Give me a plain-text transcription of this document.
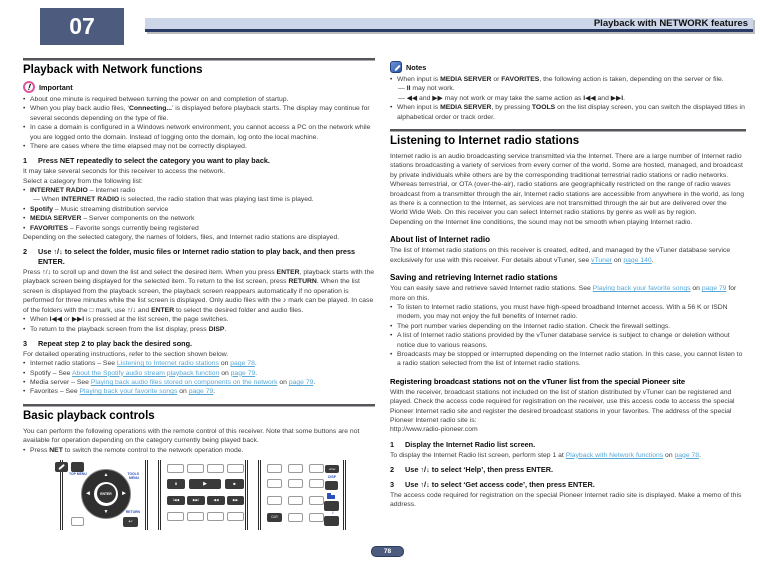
07	Playback with NETWORK features
Playback with Network functions
!
Important
• About one minute is required between turning the power on and completion of startup.
• When you play back audio files, ‘Connecting...’ is displayed before playback starts. The display may continue for several seconds depending on the type of file.
• In case a domain is configured in a Windows network environment, you cannot access a PC on the network while you are logged onto the domain. Instead of logging onto the domain, log onto the local machine.
• There are cases where the time elapsed may not be correctly displayed.
1	Press NET repeatedly to select the category you want to play back.

It may take several seconds for this receiver to access the network.

Select a category from the following list:

• INTERNET RADIO – Internet radio
— When INTERNET RADIO is selected, the radio station that was playing last time is played.
• Spotify – Music streaming distribution service
• MEDIA SERVER – Server components on the network
• FAVORITES – Favorite songs currently being registered

Depending on the selected category, the names of folders, files, and Internet radio stations are displayed.

2	Use ↑/↓ to select the folder, music files or Internet radio station to play back, and then press ENTER.

Press ↑/↓ to scroll up and down the list and select the desired item. When you press ENTER, playback starts with the playback screen being displayed for the selected item. To return to the list screen, press RETURN. When the list screen is displayed from the playback screen, the playback screen reappears automatically if no operation is performed for three minutes while the list screen is displayed. Only audio files with the ♪ mark can be played. In case of the folders with the □ mark, use ↑/↓ and ENTER to select the desired folder and audio files.

• When I◀◀ or ▶▶I is pressed at the list screen, the page switches.
• To return to the playback screen from the list display, press DISP.
3	Repeat step 2 to play back the desired song.

For detailed operating instructions, refer to the section shown below.

• Internet radio stations – See Listening to Internet radio stations on page 78.
• Spotify – See About the Spotify audio stream playback function on page 79.
• Media server – See Playing back audio files stored on components on the network on page 79.
• Favorites – See Playing back your favorite songs on page 79.
Basic playback controls

You can perform the following operations with the remote control of this receiver. Note that some buttons are not available for operation depending on the category currently being played back.

• Press NET to switch the remote control to the network operation mode.
TOP MENU	TOOLS MENU
▲
▼
◀	▶
ENTER
RETURN
↩
II	▶	■
I◀◀	▶▶I	◀◀	▶▶
+Fav
DISP
CLR
♪
Notes
• When input is MEDIA SERVER or FAVORITES, the following action is taken, depending on the server or file.
— II may not work.
— ◀◀ and ▶▶ may not work or may take the same action as I◀◀ and ▶▶I.
• When input is MEDIA SERVER, by pressing TOOLS on the list display screen, you can switch the displayed titles in alphabetical order or track order.
Listening to Internet radio stations

Internet radio is an audio broadcasting service transmitted via the Internet. There are a large number of Internet radio stations broadcasting a variety of services from every corner of the world. Some are hosted, managed, and broadcast by private individuals while others are by the corresponding traditional terrestrial radio stations or radio networks. Whereas terrestrial, or OTA (over-the-air), radio stations are geographically restricted on the range of radio waves broadcast from a transmitter through the air, Internet radio stations are accessible from anywhere in the world, as long as there is a connection to the Internet, as services are not transmitted through the air but are delivered over the World Wide Web. On this receiver you can select Internet radio stations by genre as well as by region.

Depending on the Internet line conditions, the sound may not be smooth when playing Internet radio.

About list of Internet radio

The list of Internet radio stations on this receiver is created, edited, and managed by the vTuner database service exclusively for use with this receiver. For details about vTuner, see vTuner on page 140.

Saving and retrieving Internet radio stations

You can easily save and retrieve saved Internet radio stations. See Playing back your favorite songs on page 79 for more on this.

• To listen to Internet radio stations, you must have high-speed broadband Internet access. With a 56 K or ISDN modem, you may not enjoy the full benefits of Internet radio.
• The port number varies depending on the Internet radio station. Check the firewall settings.
• A list of Internet radio stations provided by the vTuner database service is subject to change or deletion without notice due to various reasons.
• Broadcasts may be stopped or interrupted depending on the Internet radio station. In this case, you cannot listen to a radio station selected from the list of Internet radio stations.
Registering broadcast stations not on the vTuner list from the special Pioneer site

With the receiver, broadcast stations not included on the list of station distributed by vTuner can be registered and played. Check the access code required for registration on the receiver, use this access code to access the special Pioneer Internet radio site and register the desired broadcast stations in your favorites. The address of the special Pioneer Internet radio site is:

http://www.radio-pioneer.com

1	Display the Internet Radio list screen.

To display the Internet Radio list screen, perform step 1 at Playback with Network functions on page 78.

2	Use ↑/↓ to select ‘Help’, then press ENTER.
3	Use ↑/↓ to select ‘Get access code’, then press ENTER.

The access code required for registration on the special Pioneer Internet radio site is displayed. Make a memo of this address.

78
